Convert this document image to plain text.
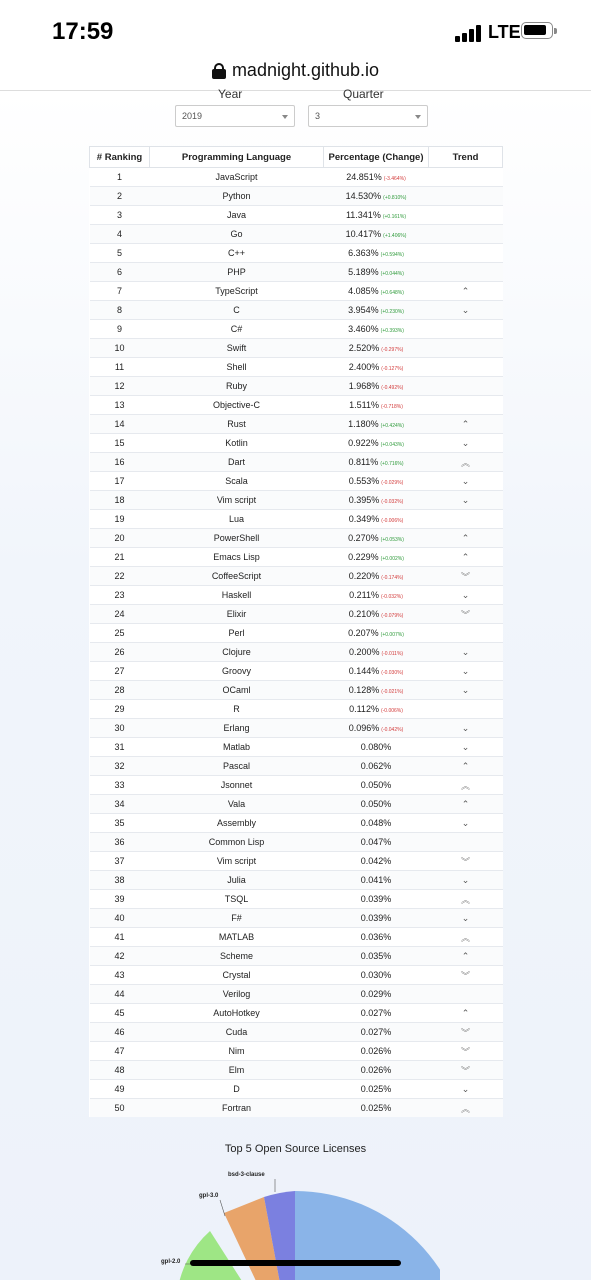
17:59	LTE
madnight.github.io
Year
2019
Quarter
3
# Ranking	Programming Language	Percentage (Change)	Trend
1	JavaScript	24.851% (-3.464%)	
2	Python	14.530% (+0.810%)	
3	Java	11.341% (+0.161%)	
4	Go	10.417% (+1.406%)	
5	C++	6.363% (+0.594%)	
6	PHP	5.189% (+0.044%)	
7	TypeScript	4.085% (+0.648%)	⌃
8	C	3.954% (+0.230%)	⌄
9	C#	3.460% (+0.393%)	
10	Swift	2.520% (-0.297%)	
11	Shell	2.400% (-0.127%)	
12	Ruby	1.968% (-0.492%)	
13	Objective-C	1.511% (-0.718%)	
14	Rust	1.180% (+0.424%)	⌃
15	Kotlin	0.922% (+0.043%)	⌄
16	Dart	0.811% (+0.716%)	︽
17	Scala	0.553% (-0.029%)	⌄
18	Vim script	0.395% (-0.032%)	⌄
19	Lua	0.349% (-0.006%)	
20	PowerShell	0.270% (+0.053%)	⌃
21	Emacs Lisp	0.229% (+0.002%)	⌃
22	CoffeeScript	0.220% (-0.174%)	︾
23	Haskell	0.211% (-0.032%)	⌄
24	Elixir	0.210% (-0.079%)	︾
25	Perl	0.207% (+0.007%)	
26	Clojure	0.200% (-0.011%)	⌄
27	Groovy	0.144% (-0.030%)	⌄
28	OCaml	0.128% (-0.021%)	⌄
29	R	0.112% (-0.006%)	
30	Erlang	0.096% (-0.042%)	⌄
31	Matlab	0.080%	⌄
32	Pascal	0.062%	⌃
33	Jsonnet	0.050%	︽
34	Vala	0.050%	⌃
35	Assembly	0.048%	⌄
36	Common Lisp	0.047%	
37	Vim script	0.042%	︾
38	Julia	0.041%	⌄
39	TSQL	0.039%	︽
40	F#	0.039%	⌄
41	MATLAB	0.036%	︽
42	Scheme	0.035%	⌃
43	Crystal	0.030%	︾
44	Verilog	0.029%	
45	AutoHotkey	0.027%	⌃
46	Cuda	0.027%	︾
47	Nim	0.026%	︾
48	Elm	0.026%	︾
49	D	0.025%	⌄
50	Fortran	0.025%	︽
Top 5 Open Source Licenses
bsd-3-clause
gpl-3.0
gpl-2.0
